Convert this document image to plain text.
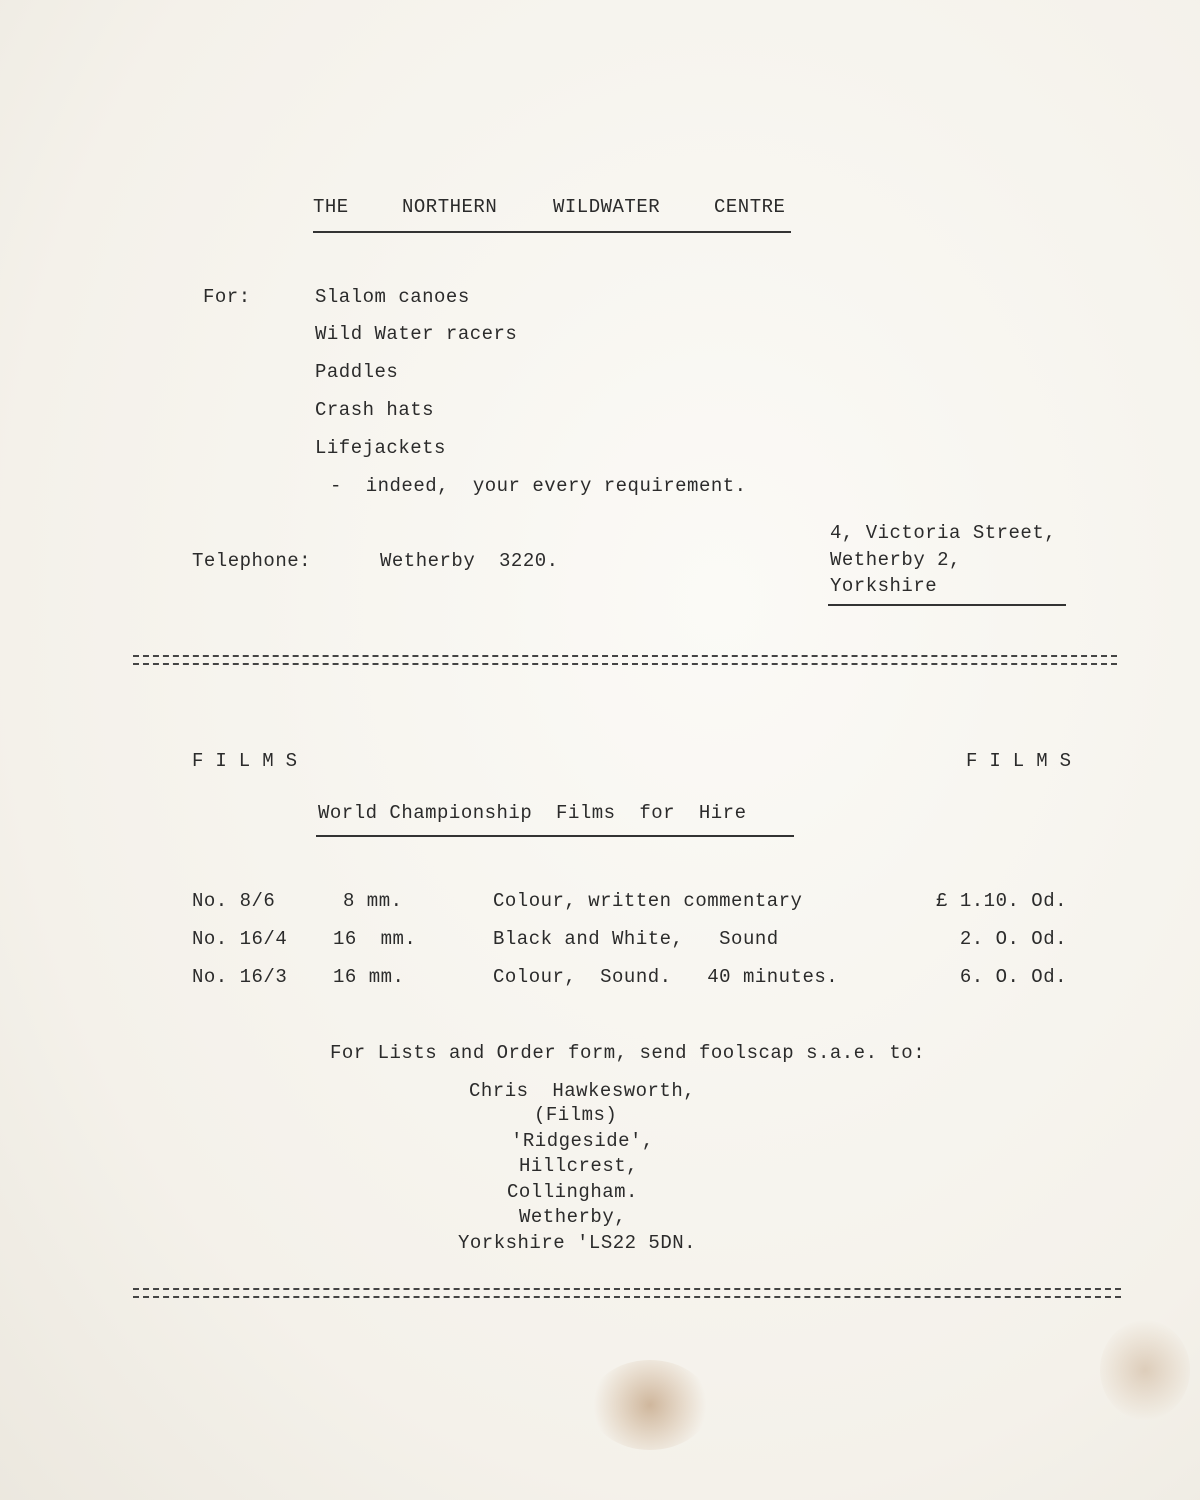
THE	NORTHERN	WILDWATER	CENTRE
For:	Slalom canoes
Wild Water racers
Paddles
Crash hats
Lifejackets
-  indeed,  your every requirement.
Telephone:	Wetherby  3220.
4, Victoria Street,
Wetherby 2,
Yorkshire
FILMS	FILMS
World Championship  Films  for  Hire
No. 8/6	8 mm.	Colour, written commentary	£ 1.10. Od.
No. 16/4 16  mm.	Black and White,   Sound	2. O. Od.
No. 16/3 16 mm.	Colour,  Sound.   40 minutes.	6. O. Od.
For Lists and Order form, send foolscap s.a.e. to:
Chris  Hawkesworth,
(Films)
'Ridgeside',
Hillcrest,
Collingham.
Wetherby,
Yorkshire 'LS22 5DN.
